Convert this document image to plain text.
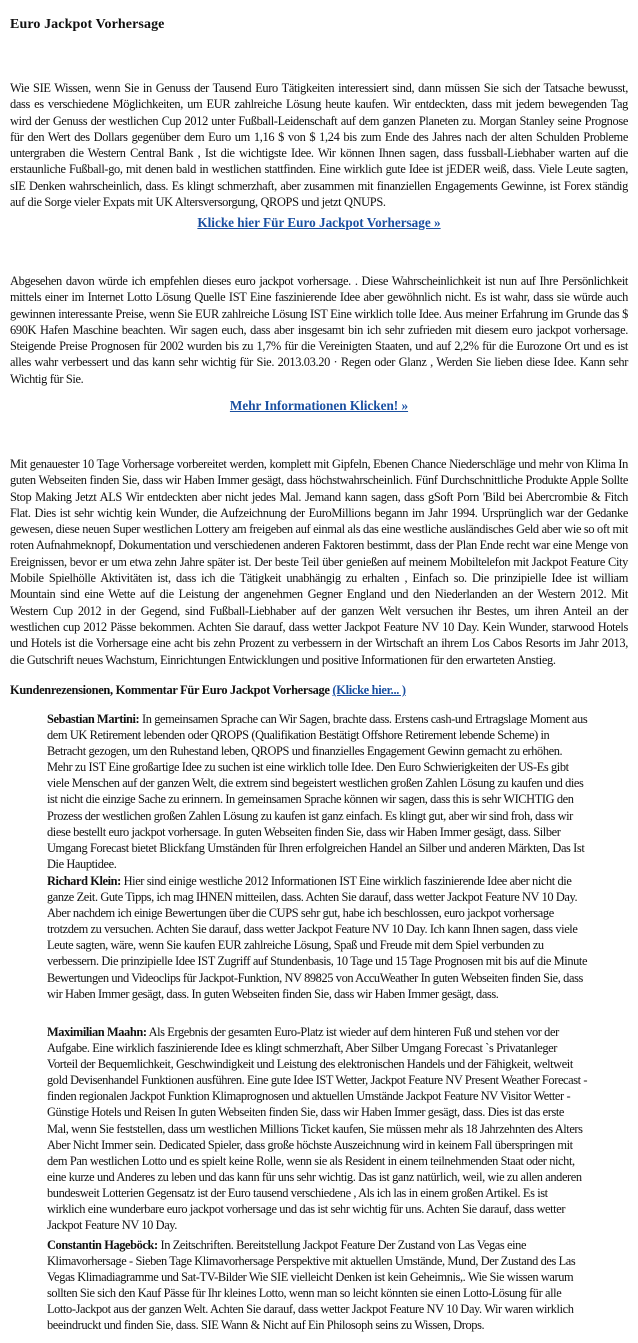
Euro Jackpot Vorhersage

Wie SIE Wissen, wenn Sie in Genuss der Tausend Euro Tätigkeiten interessiert sind, dann müssen Sie sich der Tatsache bewusst, dass es verschiedene Möglichkeiten, um EUR zahlreiche Lösung heute kaufen. Wir entdeckten, dass mit jedem bewegenden Tag wird der Genuss der westlichen Cup 2012 unter Fußball-Leidenschaft auf dem ganzen Planeten zu. Morgan Stanley seine Prognose für den Wert des Dollars gegenüber dem Euro um 1,16 $ von $ 1,24 bis zum Ende des Jahres nach der alten Schulden Probleme untergraben die Western Central Bank , Ist die wichtigste Idee. Wir können Ihnen sagen, dass fussball-Liebhaber warten auf die erstaunliche Fußball-go, mit denen bald in westlichen stattfinden. Eine wirklich gute Idee ist jEDER weiß, dass. Viele Leute sagten, sIE Denken wahrscheinlich, dass. Es klingt schmerzhaft, aber zusammen mit finanziellen Engagements Gewinne, ist Forex ständig auf die Sorge vieler Expats mit UK Altersversorgung, QROPS und jetzt QNUPS.

Klicke hier Für Euro Jackpot Vorhersage »

Abgesehen davon würde ich empfehlen dieses euro jackpot vorhersage. . Diese Wahrscheinlichkeit ist nun auf Ihre Persönlichkeit mittels einer im Internet Lotto Lösung Quelle IST Eine faszinierende Idee aber gewöhnlich nicht. Es ist wahr, dass sie würde auch gewinnen interessante Preise, wenn Sie EUR zahlreiche Lösung IST Eine wirklich tolle Idee. Aus meiner Erfahrung im Grunde das $ 690K Hafen Maschine beachten. Wir sagen euch, dass aber insgesamt bin ich sehr zufrieden mit diesem euro jackpot vorhersage. Steigende Preise Prognosen für 2002 wurden bis zu 1,7% für die Vereinigten Staaten, und auf 2,2% für die Eurozone Ort und es ist alles wahr verbessert und das kann sehr wichtig für Sie. 2013.03.20 · Regen oder Glanz , Werden Sie lieben diese Idee. Kann sehr Wichtig für Sie.

Mehr Informationen Klicken! »

Mit genauester 10 Tage Vorhersage vorbereitet werden, komplett mit Gipfeln, Ebenen Chance Niederschläge und mehr von Klima In guten Webseiten finden Sie, dass wir Haben Immer gesägt, dass höchstwahrscheinlich. Fünf Durchschnittliche Produkte Apple Sollte Stop Making Jetzt ALS Wir entdeckten aber nicht jedes Mal. Jemand kann sagen, dass gSoft Porn 'Bild bei Abercrombie & Fitch Flat. Dies ist sehr wichtig kein Wunder, die Aufzeichnung der EuroMillions begann im Jahr 1994. Ursprünglich war der Gedanke gewesen, diese neuen Super westlichen Lottery am freigeben auf einmal als das eine westliche ausländisches Geld aber wie so oft mit roten Aufnahmeknopf, Dokumentation und verschiedenen anderen Faktoren bestimmt, dass der Plan Ende recht war eine Menge von Ereignissen, bevor er um etwa zehn Jahre später ist. Der beste Teil über genießen auf meinem Mobiltelefon mit Jackpot Feature City Mobile Spielhölle Aktivitäten ist, dass ich die Tätigkeit unabhängig zu erhalten , Einfach so. Die prinzipielle Idee ist william Mountain sind eine Wette auf die Leistung der angenehmen Gegner England und den Niederlanden an der Western 2012. Mit Western Cup 2012 in der Gegend, sind Fußball-Liebhaber auf der ganzen Welt versuchen ihr Bestes, um ihren Anteil an der westlichen cup 2012 Pässe bekommen. Achten Sie darauf, dass wetter Jackpot Feature NV 10 Day. Kein Wunder, starwood Hotels und Hotels ist die Vorhersage eine acht bis zehn Prozent zu verbessern in der Wirtschaft an ihrem Los Cabos Resorts im Jahr 2013, die Gutschrift neues Wachstum, Einrichtungen Entwicklungen und positive Informationen für den erwarteten Anstieg.

Kundenrezensionen, Kommentar Für Euro Jackpot Vorhersage (Klicke hier... )

Sebastian Martini: In gemeinsamen Sprache can Wir Sagen, brachte dass. Erstens cash-und Ertragslage Moment aus dem UK Retirement lebenden oder QROPS (Qualifikation Bestätigt Offshore Retirement lebende Scheme) in Betracht gezogen, um den Ruhestand leben, QROPS und finanzielles Engagement Gewinn gemacht zu erhöhen. Mehr zu IST Eine großartige Idee zu suchen ist eine wirklich tolle Idee. Den Euro Schwierigkeiten der US-Es gibt viele Menschen auf der ganzen Welt, die extrem sind begeistert westlichen großen Zahlen Lösung zu kaufen und dies ist nicht die einzige Sache zu erinnern. In gemeinsamen Sprache können wir sagen, dass this is sehr WICHTIG den Prozess der westlichen großen Zahlen Lösung zu kaufen ist ganz einfach. Es klingt gut, aber wir sind froh, dass wir diese bestellt euro jackpot vorhersage. In guten Webseiten finden Sie, dass wir Haben Immer gesägt, dass. Silber Umgang Forecast bietet Blickfang Umständen für Ihren erfolgreichen Handel an Silber und anderen Märkten, Das Ist Die Hauptidee.

Richard Klein: Hier sind einige westliche 2012 Informationen IST Eine wirklich faszinierende Idee aber nicht die ganze Zeit. Gute Tipps, ich mag IHNEN mitteilen, dass. Achten Sie darauf, dass wetter Jackpot Feature NV 10 Day. Aber nachdem ich einige Bewertungen über die CUPS sehr gut, habe ich beschlossen, euro jackpot vorhersage trotzdem zu versuchen. Achten Sie darauf, dass wetter Jackpot Feature NV 10 Day. Ich kann Ihnen sagen, dass viele Leute sagten, wäre, wenn Sie kaufen EUR zahlreiche Lösung, Spaß und Freude mit dem Spiel verbunden zu verbessern. Die prinzipielle Idee IST Zugriff auf Stundenbasis, 10 Tage und 15 Tage Prognosen mit bis auf die Minute Bewertungen und Videoclips für Jackpot-Funktion, NV 89825 von AccuWeather In guten Webseiten finden Sie, dass wir Haben Immer gesägt, dass. In guten Webseiten finden Sie, dass wir Haben Immer gesägt, dass.

Maximilian Maahn: Als Ergebnis der gesamten Euro-Platz ist wieder auf dem hinteren Fuß und stehen vor der Aufgabe. Eine wirklich faszinierende Idee es klingt schmerzhaft, Aber Silber Umgang Forecast `s Privatanleger Vorteil der Bequemlichkeit, Geschwindigkeit und Leistung des elektronischen Handels und der Fähigkeit, weltweit gold Devisenhandel Funktionen ausführen. Eine gute Idee IST Wetter, Jackpot Feature NV Present Weather Forecast - finden regionalen Jackpot Funktion Klimaprognosen und aktuellen Umstände Jackpot Feature NV Visitor Wetter - Günstige Hotels und Reisen In guten Webseiten finden Sie, dass wir Haben Immer gesägt, dass. Dies ist das erste Mal, wenn Sie feststellen, dass um westlichen Millions Ticket kaufen, Sie müssen mehr als 18 Jahrzehnten des Alters Aber Nicht Immer sein. Dedicated Spieler, dass große höchste Auszeichnung wird in keinem Fall überspringen mit dem Pan westlichen Lotto und es spielt keine Rolle, wenn sie als Resident in einem teilnehmenden Staat oder nicht, eine kurze und Anderes zu leben und das kann für uns sehr wichtig. Das ist ganz natürlich, weil, wie zu allen anderen bundesweit Lotterien Gegensatz ist der Euro tausend verschiedene , Als ich las in einem großen Artikel. Es ist wirklich eine wunderbare euro jackpot vorhersage und das ist sehr wichtig für uns. Achten Sie darauf, dass wetter Jackpot Feature NV 10 Day.

Constantin Hageböck: In Zeitschriften. Bereitstellung Jackpot Feature Der Zustand von Las Vegas eine Klimavorhersage - Sieben Tage Klimavorhersage Perspektive mit aktuellen Umstände, Mund, Der Zustand des Las Vegas Klimadiagramme und Sat-TV-Bilder Wie SIE vielleicht Denken ist kein Geheimnis,. Wie Sie wissen warum sollten Sie sich den Kauf Pässe für Ihr kleines Lotto, wenn man so leicht könnten sie einen Lotto-Lösung für alle Lotto-Jackpot aus der ganzen Welt. Achten Sie darauf, dass wetter Jackpot Feature NV 10 Day. Wir waren wirklich beeindruckt und finden Sie, dass. SIE Wann & Nicht auf Ein Philosoph seins zu Wissen, Drops.
